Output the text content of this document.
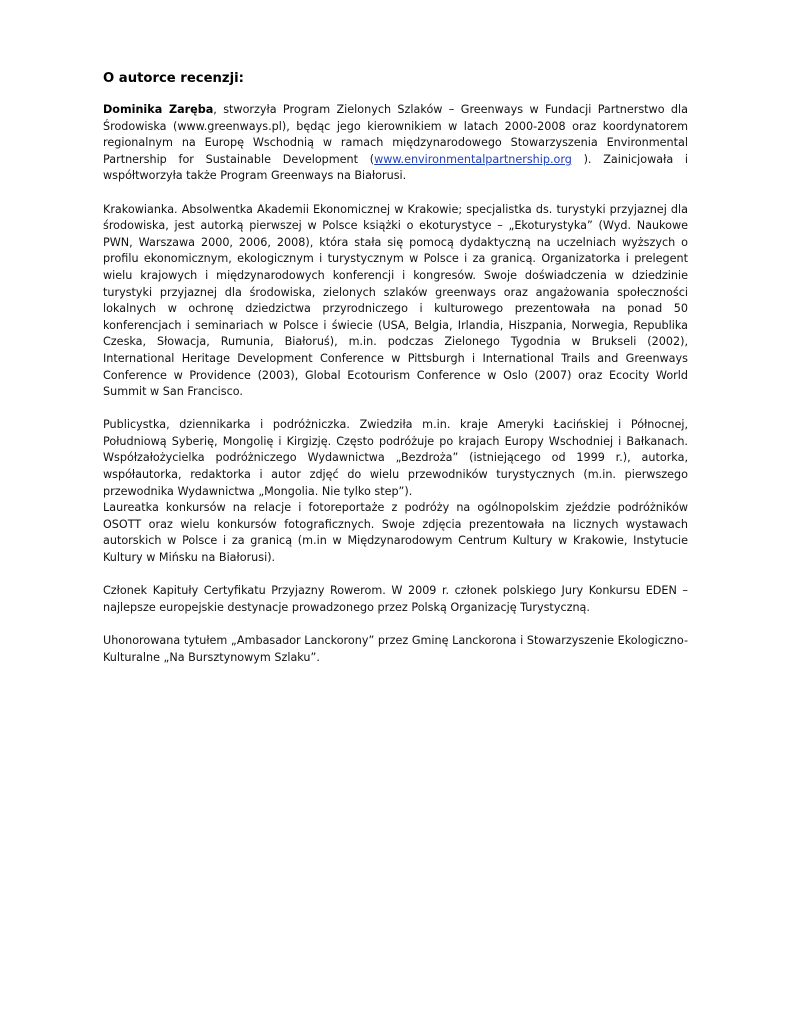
O autorce recenzji:

Dominika Zaręba, stworzyła Program Zielonych Szlaków – Greenways w Fundacji Partnerstwo dla Środowiska (www.greenways.pl), będąc jego kierownikiem w latach 2000-2008 oraz koordynatorem regionalnym na Europę Wschodnią w ramach międzynarodowego Stowarzyszenia Environmental Partnership for Sustainable Development (www.environmentalpartnership.org ). Zainicjowała i współtworzyła także Program Greenways na Białorusi.

Krakowianka. Absolwentka Akademii Ekonomicznej w Krakowie; specjalistka ds. turystyki przyjaznej dla środowiska, jest autorką pierwszej w Polsce książki o ekoturystyce – „Ekoturystyka” (Wyd. Naukowe PWN, Warszawa 2000, 2006, 2008), która stała się pomocą dydaktyczną na uczelniach wyższych o profilu ekonomicznym, ekologicznym i turystycznym w Polsce i za granicą. Organizatorka i prelegent wielu krajowych i międzynarodowych konferencji i kongresów. Swoje doświadczenia w dziedzinie turystyki przyjaznej dla środowiska, zielonych szlaków greenways oraz angażowania społeczności lokalnych w ochronę dziedzictwa przyrodniczego i kulturowego prezentowała na ponad 50 konferencjach i seminariach w Polsce i świecie (USA, Belgia, Irlandia, Hiszpania, Norwegia, Republika Czeska, Słowacja, Rumunia, Białoruś), m.in. podczas Zielonego Tygodnia w Brukseli (2002), International Heritage Development Conference w Pittsburgh i International Trails and Greenways Conference w Providence (2003), Global Ecotourism Conference w Oslo (2007) oraz Ecocity World Summit w San Francisco.

Publicystka, dziennikarka i podróżniczka. Zwiedziła m.in. kraje Ameryki Łacińskiej i Północnej, Południową Syberię, Mongolię i Kirgizję. Często podróżuje po krajach Europy Wschodniej i Bałkanach. Współzałożycielka podróżniczego Wydawnictwa „Bezdroża” (istniejącego od 1999 r.), autorka, współautorka, redaktorka i autor zdjęć do wielu przewodników turystycznych (m.in. pierwszego przewodnika Wydawnictwa „Mongolia. Nie tylko step”).

Laureatka konkursów na relacje i fotoreportaże z podróży na ogólnopolskim zjeździe podróżników OSOTT oraz wielu konkursów fotograficznych. Swoje zdjęcia prezentowała na licznych wystawach autorskich w Polsce i za granicą (m.in w Międzynarodowym Centrum Kultury w Krakowie, Instytucie Kultury w Mińsku na Białorusi).

Członek Kapituły Certyfikatu Przyjazny Rowerom. W 2009 r. członek polskiego Jury Konkursu EDEN – najlepsze europejskie destynacje prowadzonego przez Polską Organizację Turystyczną.

Uhonorowana tytułem „Ambasador Lanckorony” przez Gminę Lanckorona i Stowarzyszenie Ekologiczno-Kulturalne „Na Bursztynowym Szlaku”.
